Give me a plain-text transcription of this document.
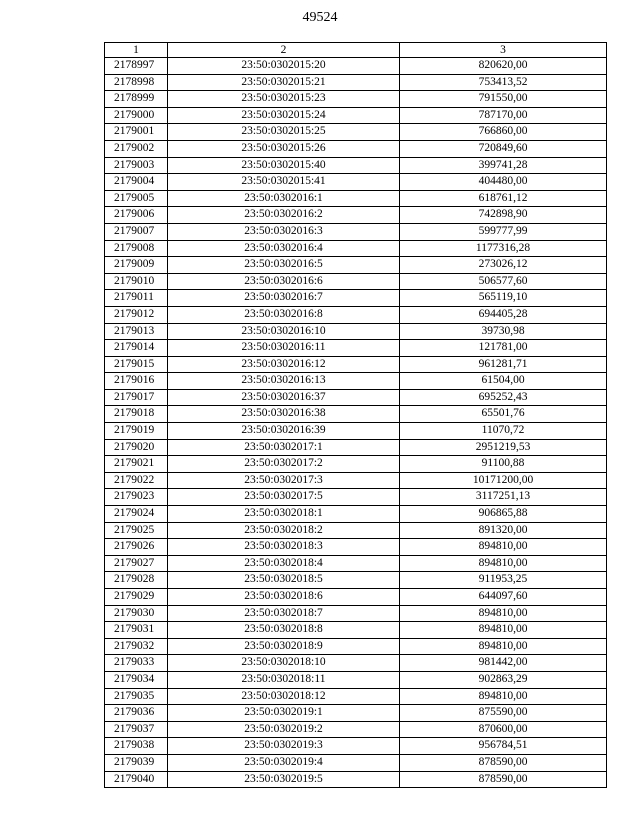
49524
1	2	3
2178997	23:50:0302015:20	820620,00
2178998	23:50:0302015:21	753413,52
2178999	23:50:0302015:23	791550,00
2179000	23:50:0302015:24	787170,00
2179001	23:50:0302015:25	766860,00
2179002	23:50:0302015:26	720849,60
2179003	23:50:0302015:40	399741,28
2179004	23:50:0302015:41	404480,00
2179005	23:50:0302016:1	618761,12
2179006	23:50:0302016:2	742898,90
2179007	23:50:0302016:3	599777,99
2179008	23:50:0302016:4	1177316,28
2179009	23:50:0302016:5	273026,12
2179010	23:50:0302016:6	506577,60
2179011	23:50:0302016:7	565119,10
2179012	23:50:0302016:8	694405,28
2179013	23:50:0302016:10	39730,98
2179014	23:50:0302016:11	121781,00
2179015	23:50:0302016:12	961281,71
2179016	23:50:0302016:13	61504,00
2179017	23:50:0302016:37	695252,43
2179018	23:50:0302016:38	65501,76
2179019	23:50:0302016:39	11070,72
2179020	23:50:0302017:1	2951219,53
2179021	23:50:0302017:2	91100,88
2179022	23:50:0302017:3	10171200,00
2179023	23:50:0302017:5	3117251,13
2179024	23:50:0302018:1	906865,88
2179025	23:50:0302018:2	891320,00
2179026	23:50:0302018:3	894810,00
2179027	23:50:0302018:4	894810,00
2179028	23:50:0302018:5	911953,25
2179029	23:50:0302018:6	644097,60
2179030	23:50:0302018:7	894810,00
2179031	23:50:0302018:8	894810,00
2179032	23:50:0302018:9	894810,00
2179033	23:50:0302018:10	981442,00
2179034	23:50:0302018:11	902863,29
2179035	23:50:0302018:12	894810,00
2179036	23:50:0302019:1	875590,00
2179037	23:50:0302019:2	870600,00
2179038	23:50:0302019:3	956784,51
2179039	23:50:0302019:4	878590,00
2179040	23:50:0302019:5	878590,00
